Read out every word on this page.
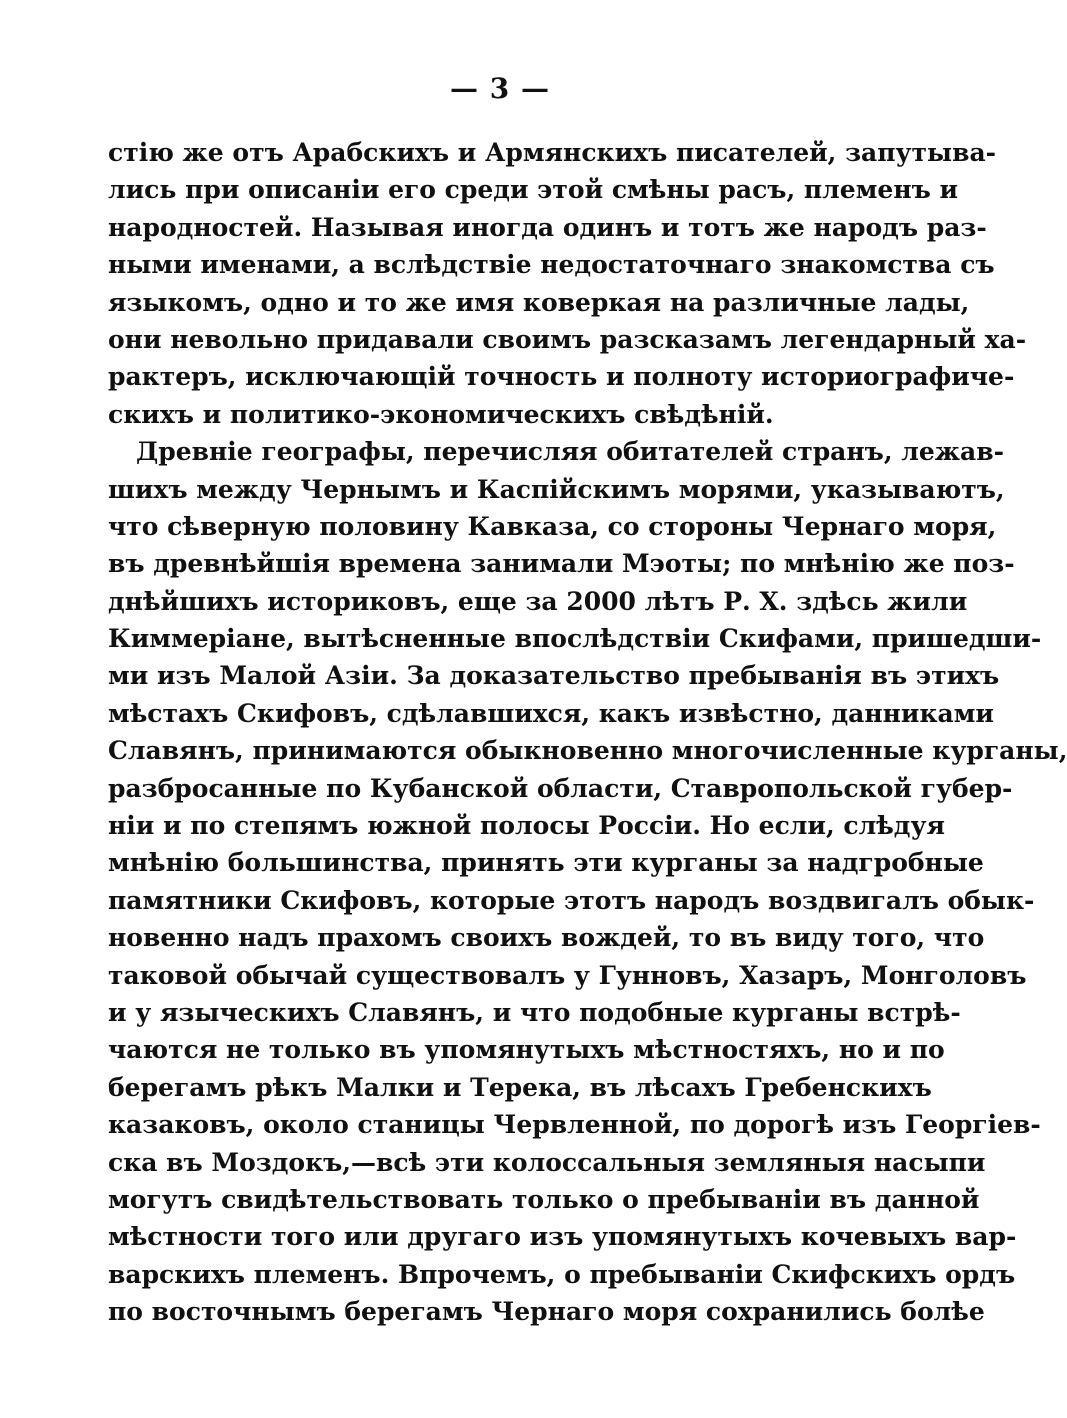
— 3 —
стію же отъ Арабскихъ и Армянскихъ писателей, запутыва-
лись при описаніи его среди этой смѣны расъ, племенъ и
народностей. Называя иногда одинъ и тотъ же народъ раз-
ными именами, а вслѣдствіе недостаточнаго знакомства съ
языкомъ, одно и то же имя коверкая на различные лады,
они невольно придавали своимъ разсказамъ легендарный ха-
рактеръ, исключающій точность и полноту историографиче-
скихъ и политико-экономическихъ свѣдѣній.
Древніе географы, перечисляя обитателей странъ, лежав-
шихъ между Чернымъ и Каспійскимъ морями, указываютъ,
что сѣверную половину Кавказа, со стороны Чернаго моря,
въ древнѣйшія времена занимали Мэоты; по мнѣнію же поз-
днѣйшихъ историковъ, еще за 2000 лѣтъ Р. Х. здѣсь жили
Киммеріане, вытѣсненные впослѣдствіи Скифами, пришедши-
ми изъ Малой Азіи. За доказательство пребыванія въ этихъ
мѣстахъ Скифовъ, сдѣлавшихся, какъ извѣстно, данниками
Славянъ, принимаются обыкновенно многочисленные курганы,
разбросанные по Кубанской области, Ставропольской губер-
ніи и по степямъ южной полосы Россіи. Но если, слѣдуя
мнѣнію большинства, принять эти курганы за надгробные
памятники Скифовъ, которые этотъ народъ воздвигалъ обык-
новенно надъ прахомъ своихъ вождей, то въ виду того, что
таковой обычай существовалъ у Гунновъ, Хазаръ, Монголовъ
и у языческихъ Славянъ, и что подобные курганы встрѣ-
чаются не только въ упомянутыхъ мѣстностяхъ, но и по
берегамъ рѣкъ Малки и Терека, въ лѣсахъ Гребенскихъ
казаковъ, около станицы Червленной, по дорогѣ изъ Георгіев-
ска въ Моздокъ,—всѣ эти колоссальныя земляныя насыпи
могутъ свидѣтельствовать только о пребываніи въ данной
мѣстности того или другаго изъ упомянутыхъ кочевыхъ вар-
варскихъ племенъ. Впрочемъ, о пребываніи Скифскихъ ордъ
по восточнымъ берегамъ Чернаго моря сохранились болѣе
